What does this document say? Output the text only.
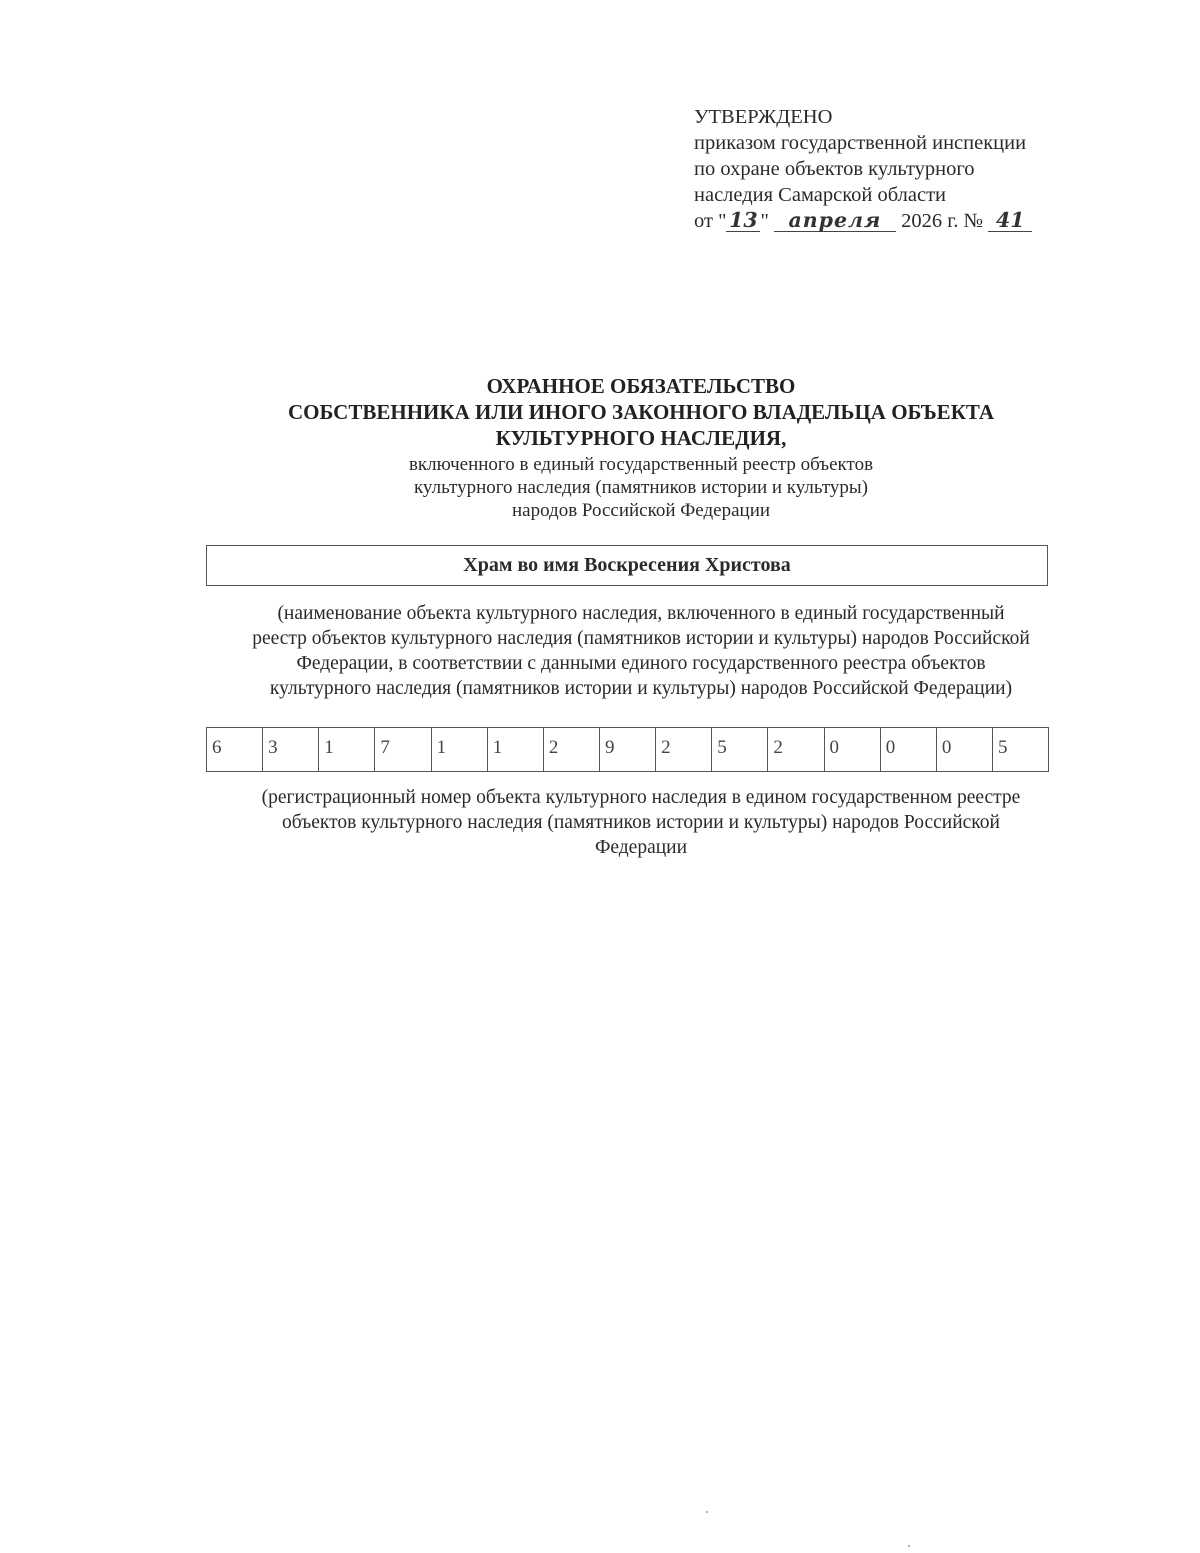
УТВЕРЖДЕНО
приказом государственной инспекции
по охране объектов культурного
наследия Самарской области
от " 13 " апреля 2026 г. № 41
ОХРАННОЕ ОБЯЗАТЕЛЬСТВО
СОБСТВЕННИКА ИЛИ ИНОГО ЗАКОННОГО ВЛАДЕЛЬЦА ОБЪЕКТА
КУЛЬТУРНОГО НАСЛЕДИЯ,
включенного в единый государственный реестр объектов
культурного наследия (памятников истории и культуры)
народов Российской Федерации
Храм во имя Воскресения Христова
(наименование объекта культурного наследия, включенного в единый государственный
реестр объектов культурного наследия (памятников истории и культуры) народов Российской
Федерации, в соответствии с данными единого государственного реестра объектов
культурного наследия (памятников истории и культуры) народов Российской Федерации)
6 3 1 7 1 1 2 9 2 5 2 0 0 0 5
(регистрационный номер объекта культурного наследия в едином государственном реестре
объектов культурного наследия (памятников истории и культуры) народов Российской
Федерации
